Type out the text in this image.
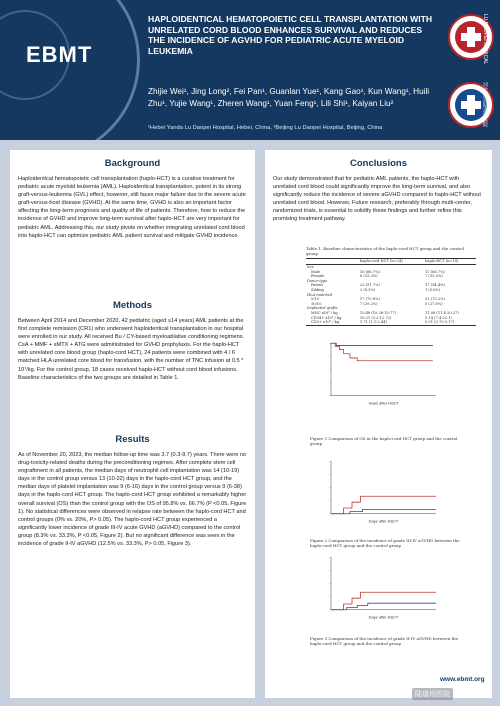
EBMT
HAPLOIDENTICAL HEMATOPOIETIC CELL TRANSPLANTATION WITH UNRELATED CORD BLOOD ENHANCES SURVIVAL AND REDUCES THE INCIDENCE OF AGVHD FOR PEDIATRIC ACUTE MYELOID LEUKEMIA
Zhijie Wei¹, Jing Long², Fei Pan¹, Guanlan Yue¹, Kang Gao¹, Kun Wang¹, Huili Zhu¹, Yujie Wang¹, Zheren Wang¹, Yuan Feng¹, Lili Shi¹, Kaiyan Liu²
¹Hebei Yanda Lu Daopei Hospital, Hebei, China, ²Beijing Lu Daopei Hospital, Beijing, China
LU DAOPEI MEDICAL
河北燕达陆道培医院
Background

Haploidentical hematopoietic cell transplantation (haplo-HCT) is a curative treatment for pediatric acute myeloid leukemia (AML). Haploidentical transplantation, potent in its strong graft-versus-leukemia (GVL) effect, however, still faces major failure due to the severe acute graft-versus-host disease (GVHD). At the same time, GVHD is also an important factor affecting the long-term prognosis and quality of life of patients. Therefore, how to reduce the incidence of GVHD and improve long-term survival after haplo-HCT are very important for pediatric AML. Addressing this, our study pivots on whether integrating unrelated cord blood into haplo-HCT can optimize pediatric AML patient survival and mitigate GVHD incidence.

Methods

Between April 2014 and December 2020, 42 pediatric (aged ≤14 years) AML patients at the first complete remission (CR1) who underwent haploidentical transplantation in our hospital were enrolled in our study. All received Bu / CY-based myeloablative conditioning regimens. CsA + MMF + sMTX + ATG were administrated for GVHD prophylaxis. For the haplo-HCT with unrelated core blood group (haplo-cord HCT), 24 patients were combined with 4 / 6 matched HLA unrelated core blood for transfusion, with the number of TNC infusion at 0.5 * 10⁷/kg. For the control group, 18 cases received haplo-HCT without cord blood infusions. Baseline characteristics of the two groups are detailed in Table 1.

Results

As of November 20, 2023, the median follow-up time was 3.7 (0.3-9.7) years. There were no drug-toxicity-related deaths during the preconditioning regimes. After complete stem cell engraftment in all patients, the median days of neutrophil cell implantation was 14 (10-19) days in the control group versus 13 (10-22) days in the haplo-cord HCT group, and the median days of platelet implantation was 9 (6-16) days in the control group versus 9 (6-38) days in the haplo-cord HCT group. The haplo-cord HCT group exhibited a remarkably higher overall survival (OS) than the control group with the OS of 95.8% vs. 66.7% (P <0.05, Figure 1). No statistical differences were observed in relapse rate between the haplo-cord HCT and control groups (0% vs. 20%, P> 0.05). The haplo-cord HCT group experienced a significantly lower incidence of grade III-IV acute GVHD (aGVHD) compared to the control group (8.3% vs. 33.3%, P <0.05, Figure 2). But no significant difference was seen in the incidence of grade II-IV aGVHD (12.5% vs. 33.3%, P> 0.05, Figure 3).

Conclusions

Our study demonstrated that for pediatric AML patients, the haplo-HCT with unrelated cord blood could significantly improve the long-term survival, and also significantly reduce the incidence of severe aGVHD compared to haplo-HCT without unrelated cord blood. However, Future research, preferably through multi-center, randomized trials, is essential to solidify these findings and further refine this promising treatment pathway.

Table 1. Baseline characteristics of the haplo-cord HCT group and the control group
	haplo-cord HCT (n=24)	haplo-HCT (n=18)
Sex		
Male	16 (66.7%)	12 (66.7%)
Female	8 (33.3%)	7 (33.3%)
Donor type		
Parent	22 (91.7%)	17 (94.4%)
Sibling	2 (8.3%)	1 (5.6%)
HLA-matched		
5/10	17 (70.8%)	22 (72.2%)
10/10	7 (29.2%)	5 (27.8%)
Implanted grafts		
MNC x10⁸ / kg	10.48 (10.26-10.77)	11.08 (11.4-20.27)
CD34+ x10⁶ / kg	10.21 (3.2-12.72)	5.14 (7.4-22.1)
CD3+ x10⁸ / kg	1.71 (1.1-2.44)	0.51 (3.75-5.17)
Years after HSCT
Figure 1 Comparison of OS in the haplo-cord HCT group and the control group
Days after HSCT
Figure 2 Comparison of the incidence of grade III-IV aGVHD between the haplo-cord HCT group and the control group
Days after HSCT
Figure 3 Comparison of the incidence of grade II-IV aGVHD between the haplo-cord HCT group and the control group
www.ebmt.org
陆道培医院
